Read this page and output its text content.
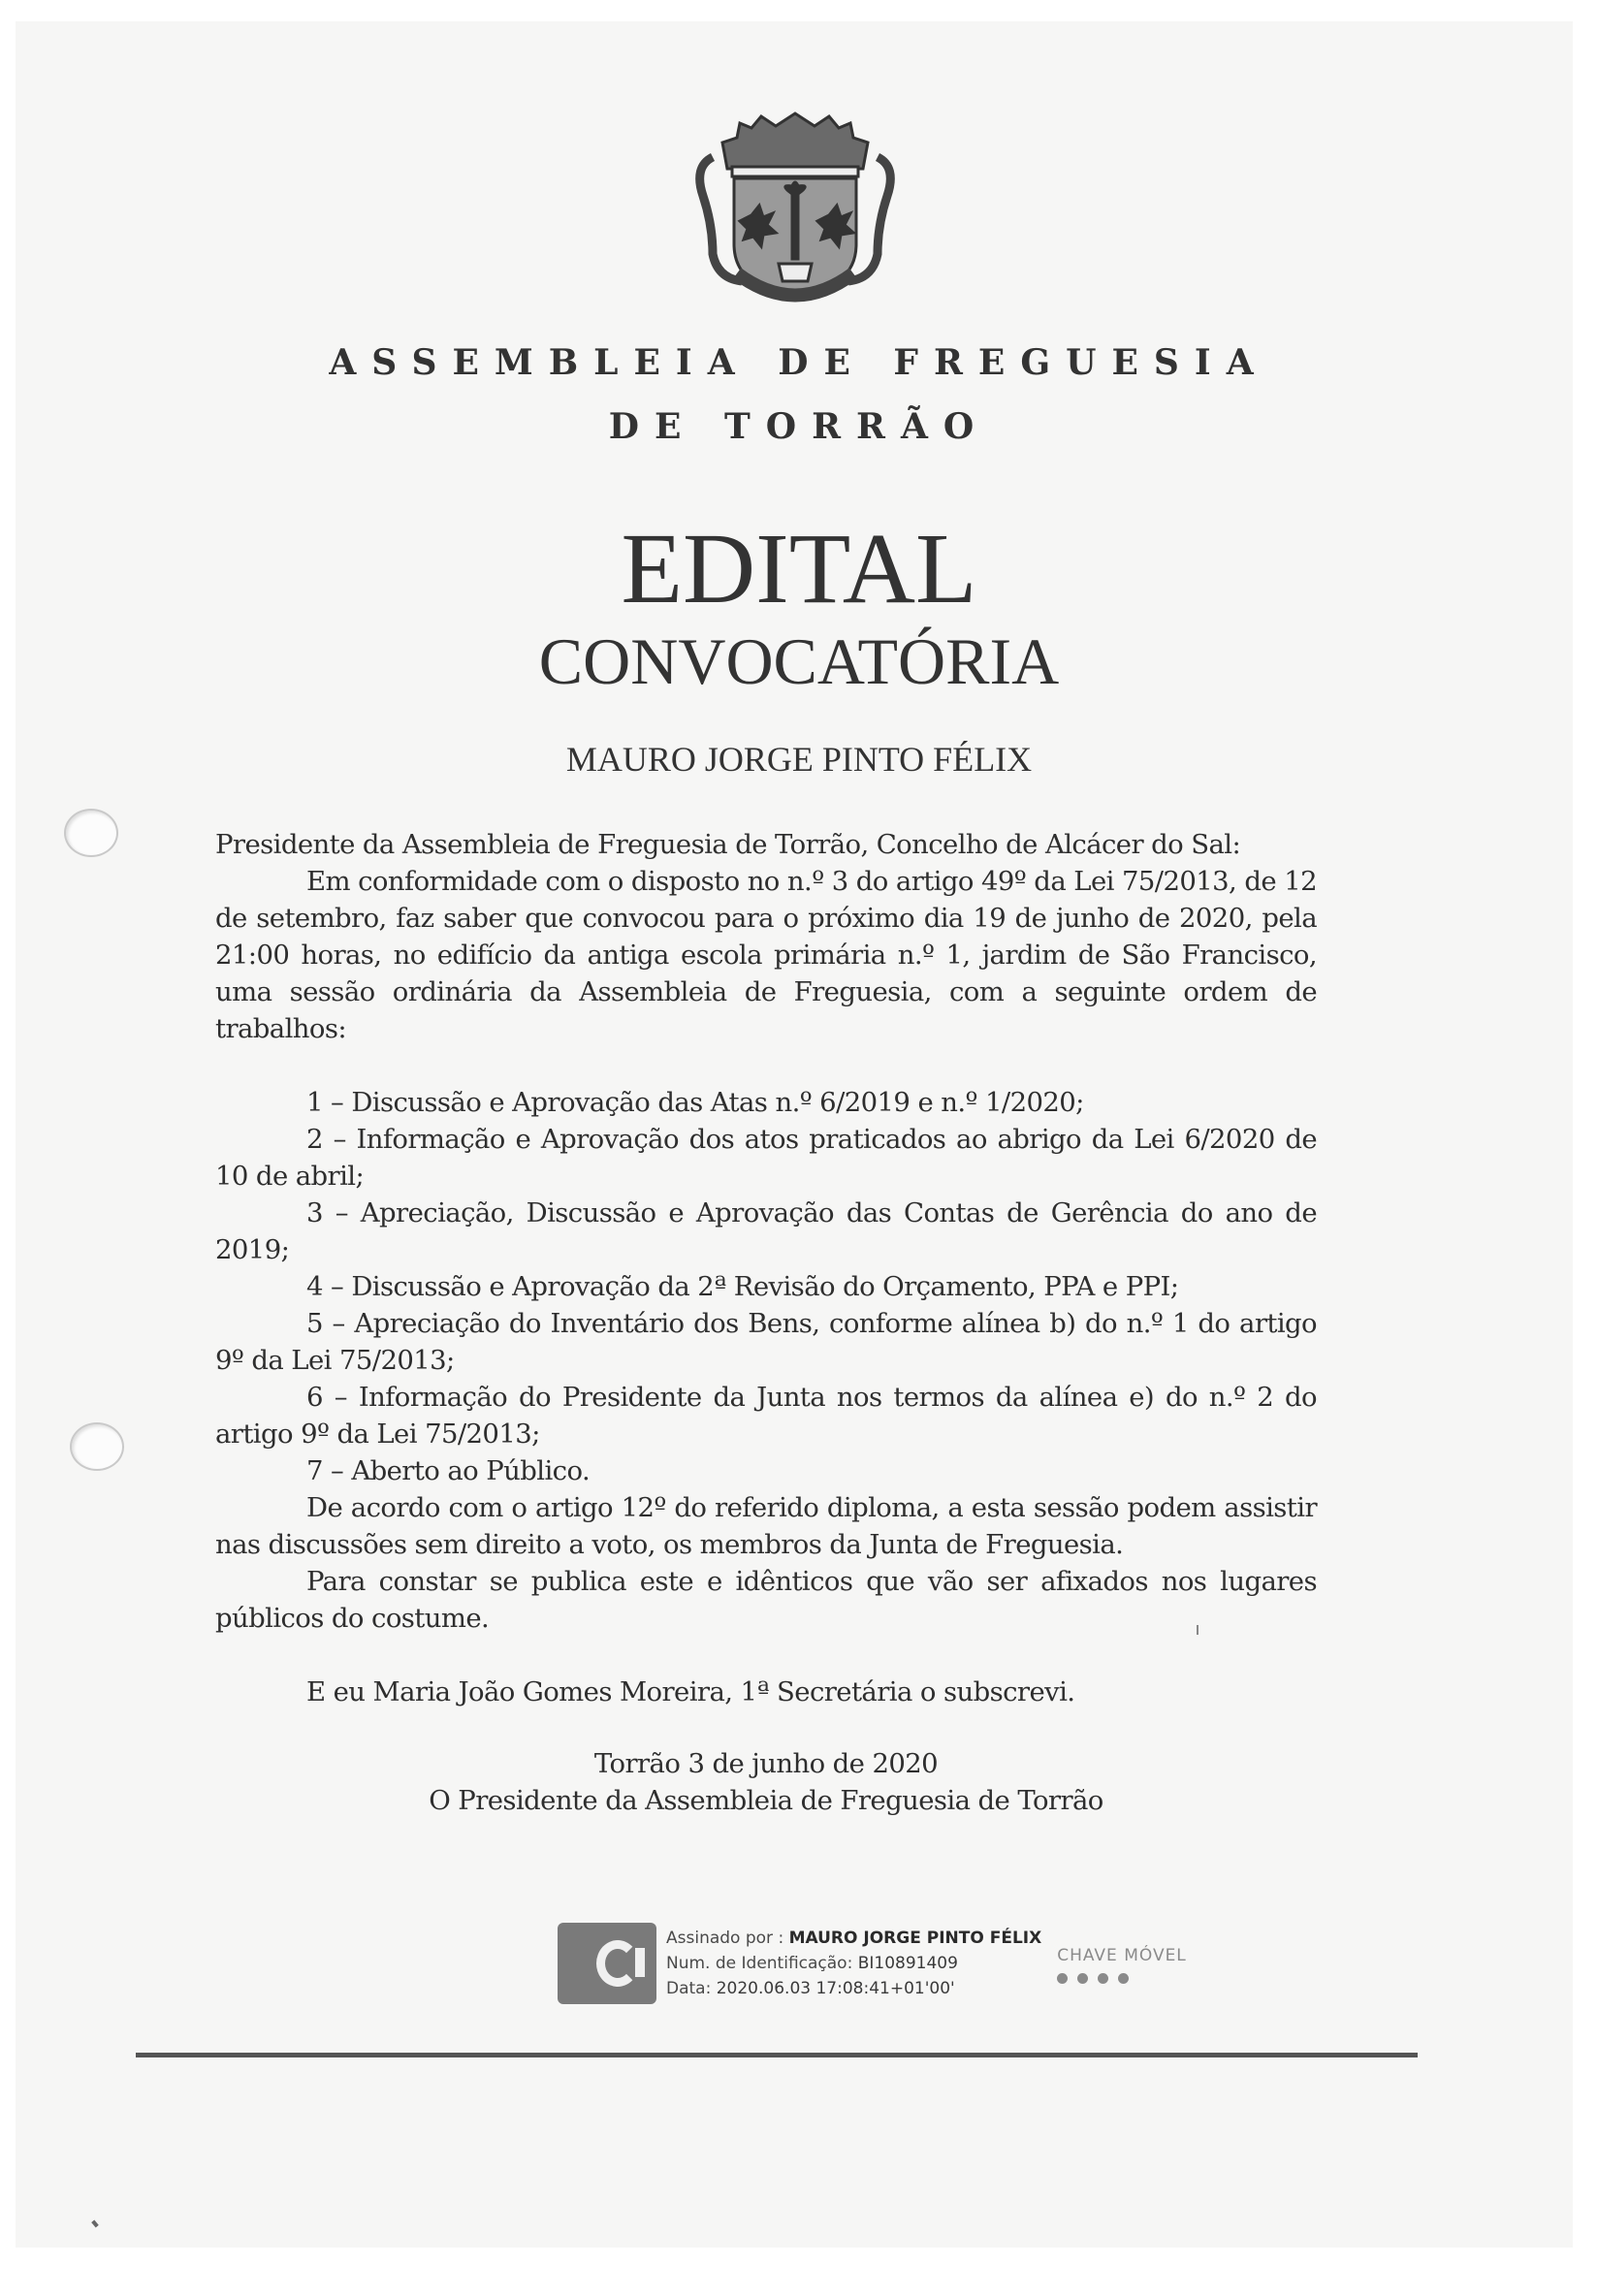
ASSEMBLEIA DE FREGUESIA
DE TORRÃO
EDITAL
CONVOCATÓRIA
MAURO JORGE PINTO FÉLIX

Presidente da Assembleia de Freguesia de Torrão, Concelho de Alcácer do Sal:

Em conformidade com o disposto no n.º 3 do artigo 49º da Lei 75/2013, de 12 de setembro, faz saber que convocou para o próximo dia 19 de junho de 2020, pela 21:00 horas, no edifício da antiga escola primária n.º 1, jardim de São Francisco, uma sessão ordinária da Assembleia de Freguesia, com a seguinte ordem de trabalhos:

1 – Discussão e Aprovação das Atas n.º 6/2019 e n.º 1/2020;

2 – Informação e Aprovação dos atos praticados ao abrigo da Lei 6/2020 de 10 de abril;

3 – Apreciação, Discussão e Aprovação das Contas de Gerência do ano de 2019;

4 – Discussão e Aprovação da 2ª Revisão do Orçamento, PPA e PPI;

5 – Apreciação do Inventário dos Bens, conforme alínea b) do n.º 1 do artigo 9º da Lei 75/2013;

6 – Informação do Presidente da Junta nos termos da alínea e) do n.º 2 do artigo 9º da Lei 75/2013;

7 – Aberto ao Público.

De acordo com o artigo 12º do referido diploma, a esta sessão podem assistir nas discussões sem direito a voto, os membros da Junta de Freguesia.

Para constar se publica este e idênticos que vão ser afixados nos lugares públicos do costume.

E eu Maria João Gomes Moreira, 1ª Secretária o subscrevi.

Torrão 3 de junho de 2020

O Presidente da Assembleia de Freguesia de Torrão

Assinado por : MAURO JORGE PINTO FÉLIX
Num. de Identificação: BI10891409
Data: 2020.06.03 17:08:41+01'00'
CHAVE MÓVEL
